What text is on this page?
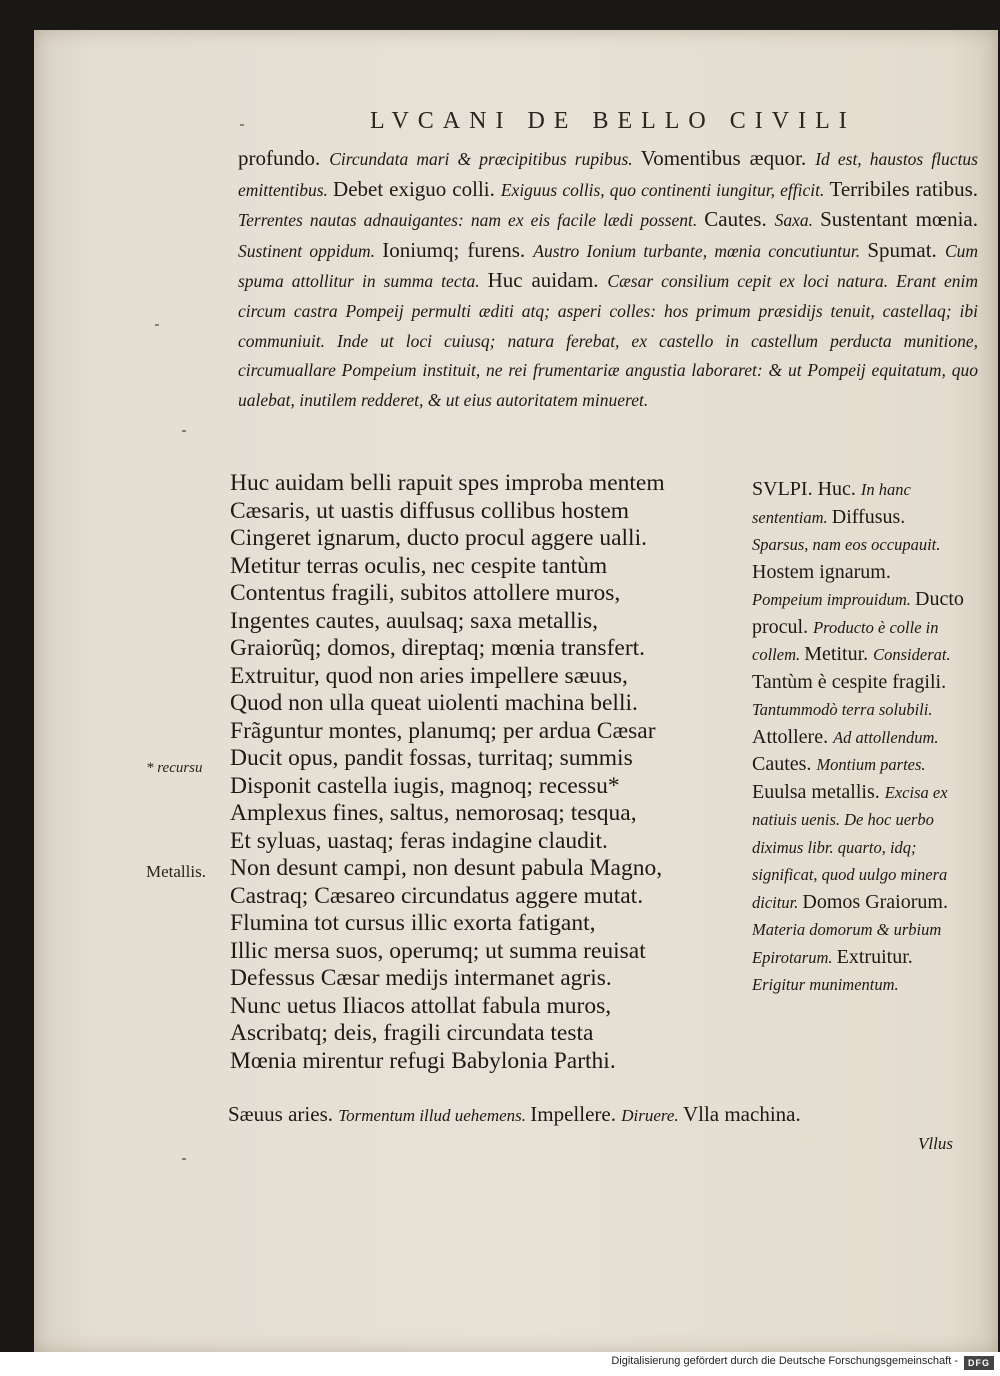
LVCANI DE BELLO CIVILI
profundo. Circundata mari & præcipitibus rupibus. Vomentibus æquor. Id est, haustos fluctus emittentibus. Debet exiguo colli. Exiguus collis, quo continenti iungitur, efficit. Terribiles ratibus. Terrentes nautas adnauigantes: nam ex eis facile lædi possent. Cautes. Saxa. Sustentant mœnia. Sustinent oppidum. Ioniumq; furens. Austro Ionium turbante, mœnia concutiuntur. Spumat. Cum spuma attollitur in summa tecta. Huc auidam. Cæsar consilium cepit ex loci natura. Erant enim circum castra Pompeij permulti æditi atq; asperi colles: hos primum præsidijs tenuit, castellaq; ibi communiuit. Inde ut loci cuiusq; natura ferebat, ex castello in castellum perducta munitione, circumuallare Pompeium instituit, ne rei frumentariæ angustia laboraret: & ut Pompeij equitatum, quo ualebat, inutilem redderet, & ut eius autoritatem minueret.
Huc auidam belli rapuit spes improba mentem
Cæsaris, ut uastis diffusus collibus hostem
Cingeret ignarum, ducto procul aggere ualli.
Metitur terras oculis, nec cespite tantùm
Contentus fragili, subitos attollere muros,
Ingentes cautes, auulsaq; saxa metallis,
Graiorũq; domos, direptaq; mœnia transfert.
Extruitur, quod non aries impellere sæuus,
Quod non ulla queat uiolenti machina belli.
Frãguntur montes, planumq; per ardua Cæsar
Ducit opus, pandit fossas, turritaq; summis
Disponit castella iugis, magnoq; recessu*
Amplexus fines, saltus, nemorosaq; tesqua,
Et syluas, uastaq; feras indagine claudit.
Non desunt campi, non desunt pabula Magno,
Castraq; Cæsareo circundatus aggere mutat.
Flumina tot cursus illic exorta fatigant,
Illic mersa suos, operumq; ut summa reuisat
Defessus Cæsar medijs intermanet agris.
Nunc uetus Iliacos attollat fabula muros,
Ascribatq; deis, fragili circundata testa
Mœnia mirentur refugi Babylonia Parthi.
SVLPI. Huc. In hanc sententiam. Diffusus. Sparsus, nam eos occupauit. Hostem ignarum. Pompeium improuidum. Ducto procul. Producto è colle in collem. Metitur. Considerat. Tantùm è cespite fragili. Tantummodò terra solubili. Attollere. Ad attollendum. Cautes. Montium partes. Euulsa metallis. Excisa ex natiuis uenis. De hoc uerbo diximus libr. quarto, idq; significat, quod uulgo minera dicitur. Domos Graiorum. Materia domorum & urbium Epirotarum. Extruitur. Erigitur munimentum.
* recursu
Metallis.
Sæuus aries. Tormentum illud uehemens. Impellere. Diruere. Vlla machina.
Vllus
Digitalisierung gefördert durch die Deutsche Forschungsgemeinschaft -	DFG
